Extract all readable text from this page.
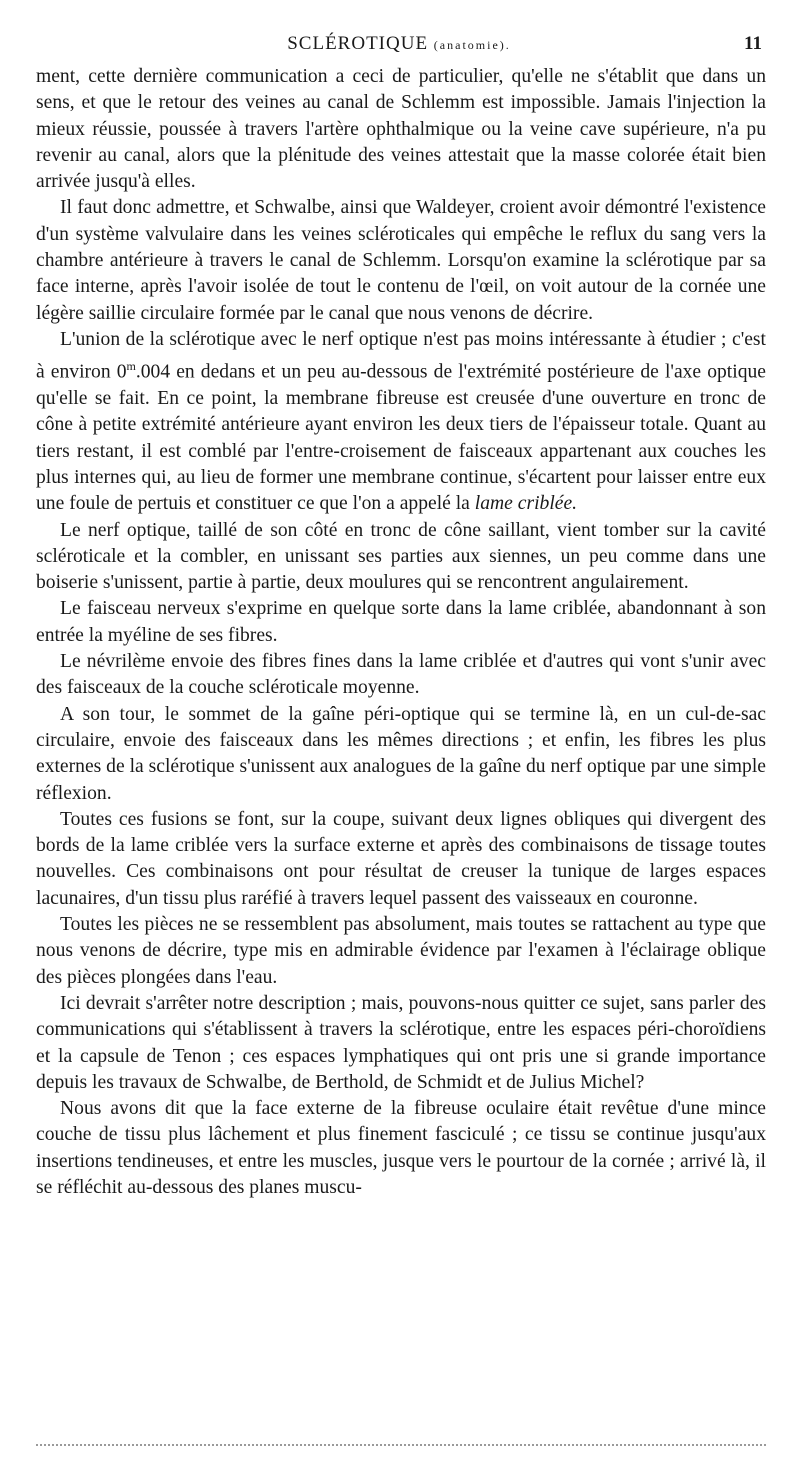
SCLÉROTIQUE (anatomie).	11

ment, cette dernière communication a ceci de particulier, qu'elle ne s'établit que dans un sens, et que le retour des veines au canal de Schlemm est impossible. Jamais l'injection la mieux réussie, poussée à travers l'artère ophthalmique ou la veine cave supérieure, n'a pu revenir au canal, alors que la plénitude des veines attestait que la masse colorée était bien arrivée jusqu'à elles.

Il faut donc admettre, et Schwalbe, ainsi que Waldeyer, croient avoir démontré l'existence d'un système valvulaire dans les veines scléroticales qui empêche le reflux du sang vers la chambre antérieure à travers le canal de Schlemm. Lorsqu'on examine la sclérotique par sa face interne, après l'avoir isolée de tout le contenu de l'œil, on voit autour de la cornée une légère saillie circulaire formée par le canal que nous venons de décrire.

L'union de la sclérotique avec le nerf optique n'est pas moins intéressante à étudier ; c'est à environ 0$^m$.004 en dedans et un peu au-dessous de l'extrémité postérieure de l'axe optique qu'elle se fait. En ce point, la membrane fibreuse est creusée d'une ouverture en tronc de cône à petite extrémité antérieure ayant environ les deux tiers de l'épaisseur totale. Quant au tiers restant, il est comblé par l'entre-croisement de faisceaux appartenant aux couches les plus internes qui, au lieu de former une membrane continue, s'écartent pour laisser entre eux une foule de pertuis et constituer ce que l'on a appelé la lame criblée.

Le nerf optique, taillé de son côté en tronc de cône saillant, vient tomber sur la cavité scléroticale et la combler, en unissant ses parties aux siennes, un peu comme dans une boiserie s'unissent, partie à partie, deux moulures qui se rencontrent angulairement.

Le faisceau nerveux s'exprime en quelque sorte dans la lame criblée, abandonnant à son entrée la myéline de ses fibres.

Le névrilème envoie des fibres fines dans la lame criblée et d'autres qui vont s'unir avec des faisceaux de la couche scléroticale moyenne.

A son tour, le sommet de la gaîne péri-optique qui se termine là, en un cul-de-sac circulaire, envoie des faisceaux dans les mêmes directions ; et enfin, les fibres les plus externes de la sclérotique s'unissent aux analogues de la gaîne du nerf optique par une simple réflexion.

Toutes ces fusions se font, sur la coupe, suivant deux lignes obliques qui divergent des bords de la lame criblée vers la surface externe et après des combinaisons de tissage toutes nouvelles. Ces combinaisons ont pour résultat de creuser la tunique de larges espaces lacunaires, d'un tissu plus raréfié à travers lequel passent des vaisseaux en couronne.

Toutes les pièces ne se ressemblent pas absolument, mais toutes se rattachent au type que nous venons de décrire, type mis en admirable évidence par l'examen à l'éclairage oblique des pièces plongées dans l'eau.

Ici devrait s'arrêter notre description ; mais, pouvons-nous quitter ce sujet, sans parler des communications qui s'établissent à travers la sclérotique, entre les espaces péri-choroïdiens et la capsule de Tenon ; ces espaces lymphatiques qui ont pris une si grande importance depuis les travaux de Schwalbe, de Berthold, de Schmidt et de Julius Michel?

Nous avons dit que la face externe de la fibreuse oculaire était revêtue d'une mince couche de tissu plus lâchement et plus finement fasciculé ; ce tissu se continue jusqu'aux insertions tendineuses, et entre les muscles, jusque vers le pourtour de la cornée ; arrivé là, il se réfléchit au-dessous des planes muscu-
